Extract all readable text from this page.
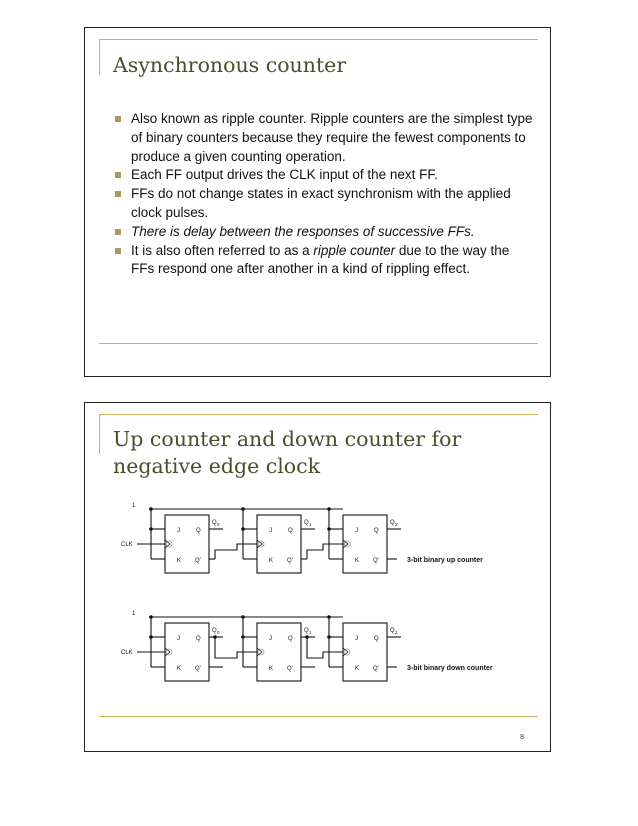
Asynchronous counter
Also known as ripple counter. Ripple counters are the simplest type of binary counters because they require the fewest components to produce a given counting operation.
Each FF output drives the CLK input of the next FF.
FFs do not change states in exact synchronism with the applied clock pulses.
There is delay between the responses of successive FFs.
It is also often referred to as a ripple counter due to the way the FFs respond one after another in a kind of rippling effect.
Up counter and down counter for negative edge clock
1
CLK
J
K
Q
Q'
Q 0
J
K
Q
Q'
Q 1
J
K
Q
Q'
Q 2
3-bit binary up counter
1
CLK
J
K
Q
Q'
Q 0
J
K
Q
Q'
Q 1
J
K
Q
Q'
Q 2
3-bit binary down counter
8
